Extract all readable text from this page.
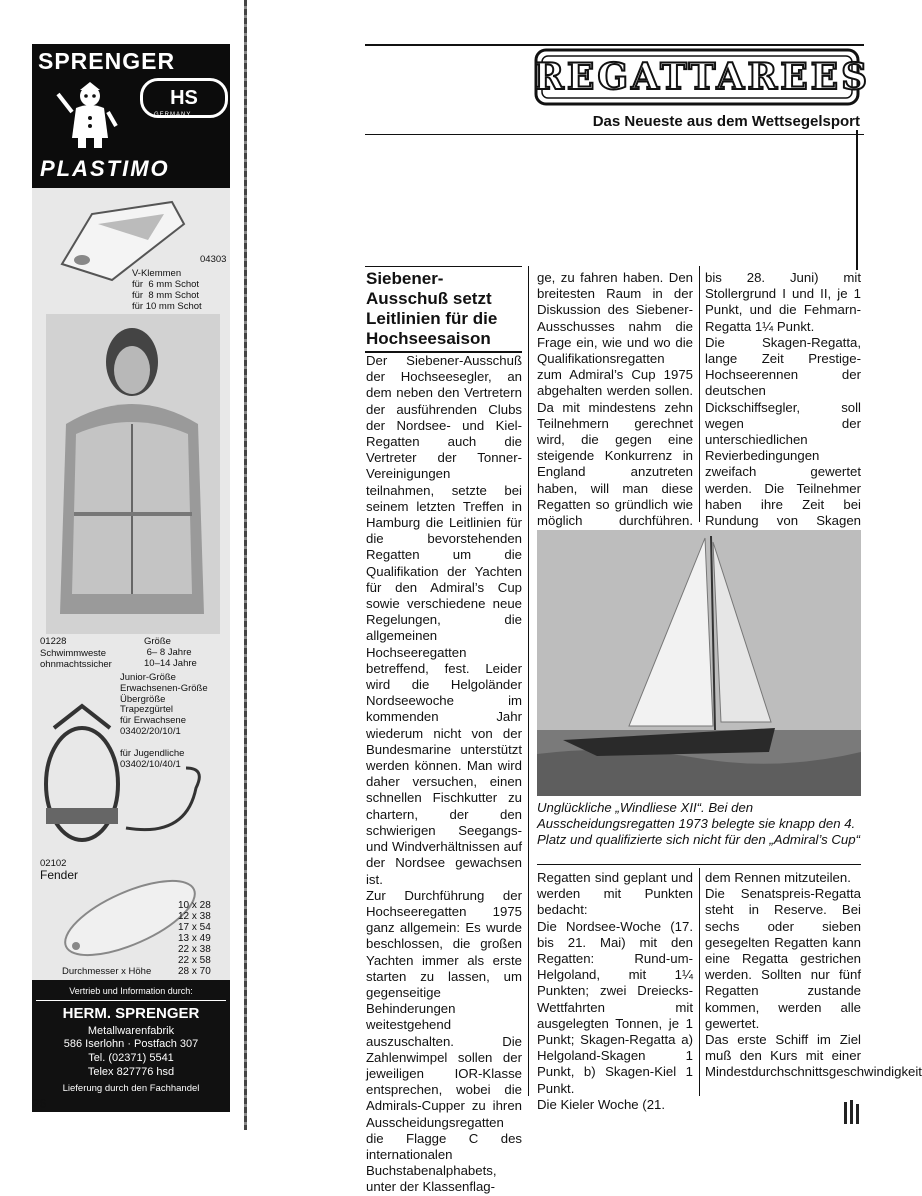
SPRENGER
HS
GERMANY
PLASTIMO
04303
V-Klemmen
für  6 mm Schot
für  8 mm Schot
für 10 mm Schot
01228
Schwimmweste
ohnmachtssicher
Größe
6– 8 Jahre
10–14 Jahre
Junior-Größe
Erwachsenen-Größe
Übergröße
Trapezgürtel
für Erwachsene
03402/20/10/1

für Jugendliche
03402/10/40/1
02102
Fender
10 x 28
12 x 38
17 x 54
13 x 49
22 x 38
22 x 58
28 x 70
Durchmesser x Höhe
Vertrieb und Information durch:
HERM. SPRENGER
Metallwarenfabrik
586 Iserlohn · Postfach 307
Tel. (02371) 5541
Telex 827776 hsd
Lieferung durch den Fachhandel
REGATTAREES
Das Neueste aus dem Wettsegelsport
Siebener-Ausschuß setzt Leitlinien für die Hochseesaison
Der Siebener-Ausschuß der Hochseesegler, an dem neben den Vertretern der ausführenden Clubs der Nordsee- und Kiel-Regatten auch die Vertreter der Tonner-Vereinigungen teilnahmen, setzte bei seinem letzten Treffen in Hamburg die Leitlinien für die bevorstehenden Regatten um die Qualifikation der Yachten für den Admiral’s Cup sowie verschiedene neue Regelungen, die allgemeinen Hochseeregatten betreffend, fest. Leider wird die Helgoländer Nordseewoche im kommenden Jahr wiederum nicht von der Bundesmarine unterstützt werden können. Man wird daher versuchen, einen schnellen Fischkutter zu chartern, der den schwierigen Seegangs- und Windverhältnissen auf der Nordsee gewachsen ist.
Zur Durchführung der Hochseeregatten 1975 ganz allgemein: Es wurde beschlossen, die großen Yachten immer als erste starten zu lassen, um gegenseitige Behinderungen weitestgehend auszuschalten. Die Zahlenwimpel sollen der jeweiligen IOR-Klasse entsprechen, wobei die Admirals-Cupper zu ihren Ausscheidungsregatten die Flagge C des internationalen Buchstabenalphabets, unter der Klassenflag-
ge, zu fahren haben. Den breitesten Raum in der Diskussion des Siebener-Ausschusses nahm die Frage ein, wie und wo die Qualifikationsregatten zum Admiral’s Cup 1975 abgehalten werden sollen. Da mit mindestens zehn Teilnehmern gerechnet wird, die gegen eine steigende Konkurrenz in England anzutreten haben, will man diese Regatten so gründlich wie möglich durchführen.
bis 28. Juni) mit Stollergrund I und II, je 1 Punkt, und die Fehmarn-Regatta 1¼ Punkt.
Die Skagen-Regatta, lange Zeit Prestige-Hochseerennen der deutschen Dickschiffsegler, soll wegen der unterschiedlichen Revierbedingungen zweifach gewertet werden. Die Teilnehmer haben ihre Zeit bei Rundung von Skagen
Unglückliche „Windliese XII“. Bei den Ausscheidungsregatten 1973 belegte sie knapp den 4. Platz und qualifizierte sich nicht für den „Admiral’s Cup“
Regatten sind geplant und werden mit Punkten bedacht:
Die Nordsee-Woche (17. bis 21. Mai) mit den Regatten: Rund-um-Helgoland, mit 1¼ Punkten; zwei Dreiecks-Wettfahrten mit ausgelegten Tonnen, je 1 Punkt; Skagen-Regatta a) Helgoland-Skagen 1 Punkt, b) Skagen-Kiel 1 Punkt.
Die Kieler Woche (21.
dem Rennen mitzuteilen.
Die Senatspreis-Regatta steht in Reserve. Bei sechs oder sieben gesegelten Regatten kann eine Regatta gestrichen werden. Sollten nur fünf Regatten zustande kommen, werden alle gewertet.
Das erste Schiff im Ziel muß den Kurs mit einer Mindestdurchschnittsgeschwindigkeit
26
